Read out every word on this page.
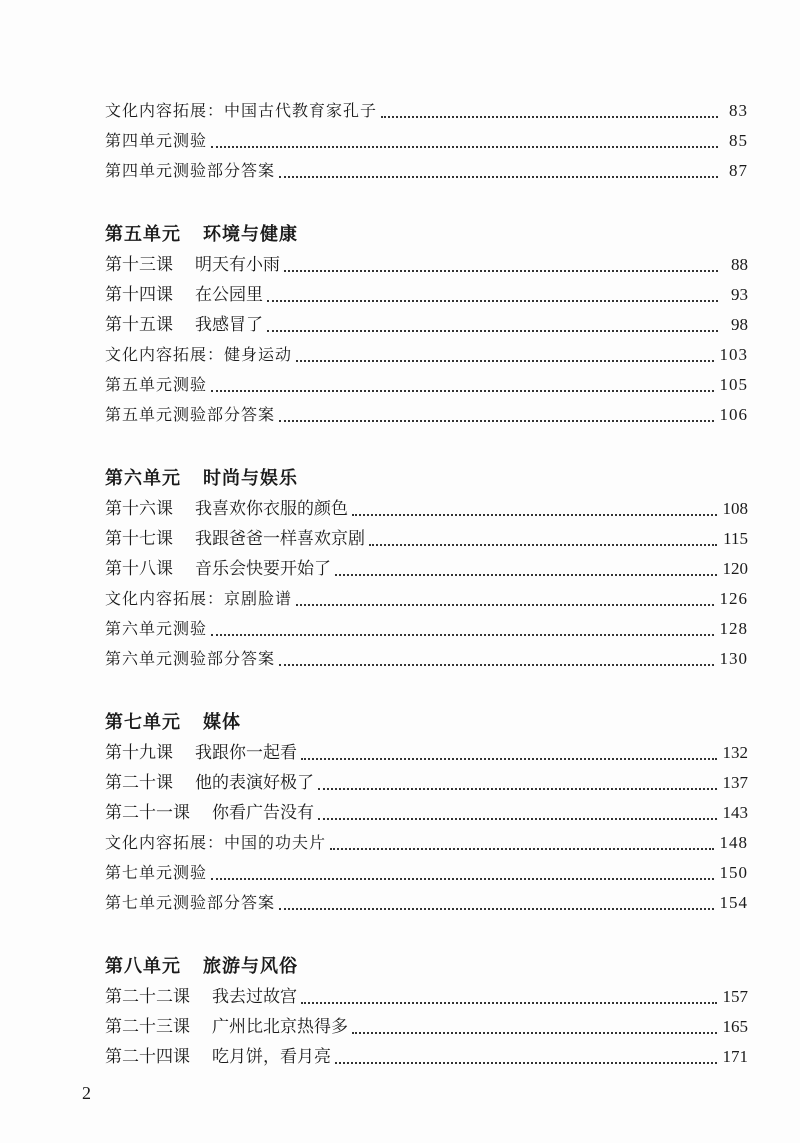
文化内容拓展：中国古代教育家孔子	83
第四单元测验	85
第四单元测验部分答案	87
第五单元 环境与健康
第十三课 明天有小雨	88
第十四课 在公园里	93
第十五课 我感冒了	98
文化内容拓展：健身运动	103
第五单元测验	105
第五单元测验部分答案	106
第六单元 时尚与娱乐
第十六课 我喜欢你衣服的颜色	108
第十七课 我跟爸爸一样喜欢京剧	115
第十八课 音乐会快要开始了	120
文化内容拓展：京剧脸谱	126
第六单元测验	128
第六单元测验部分答案	130
第七单元 媒体
第十九课 我跟你一起看	132
第二十课 他的表演好极了	137
第二十一课 你看广告没有	143
文化内容拓展：中国的功夫片	148
第七单元测验	150
第七单元测验部分答案	154
第八单元 旅游与风俗
第二十二课 我去过故宫	157
第二十三课 广州比北京热得多	165
第二十四课 吃月饼，看月亮	171
2
